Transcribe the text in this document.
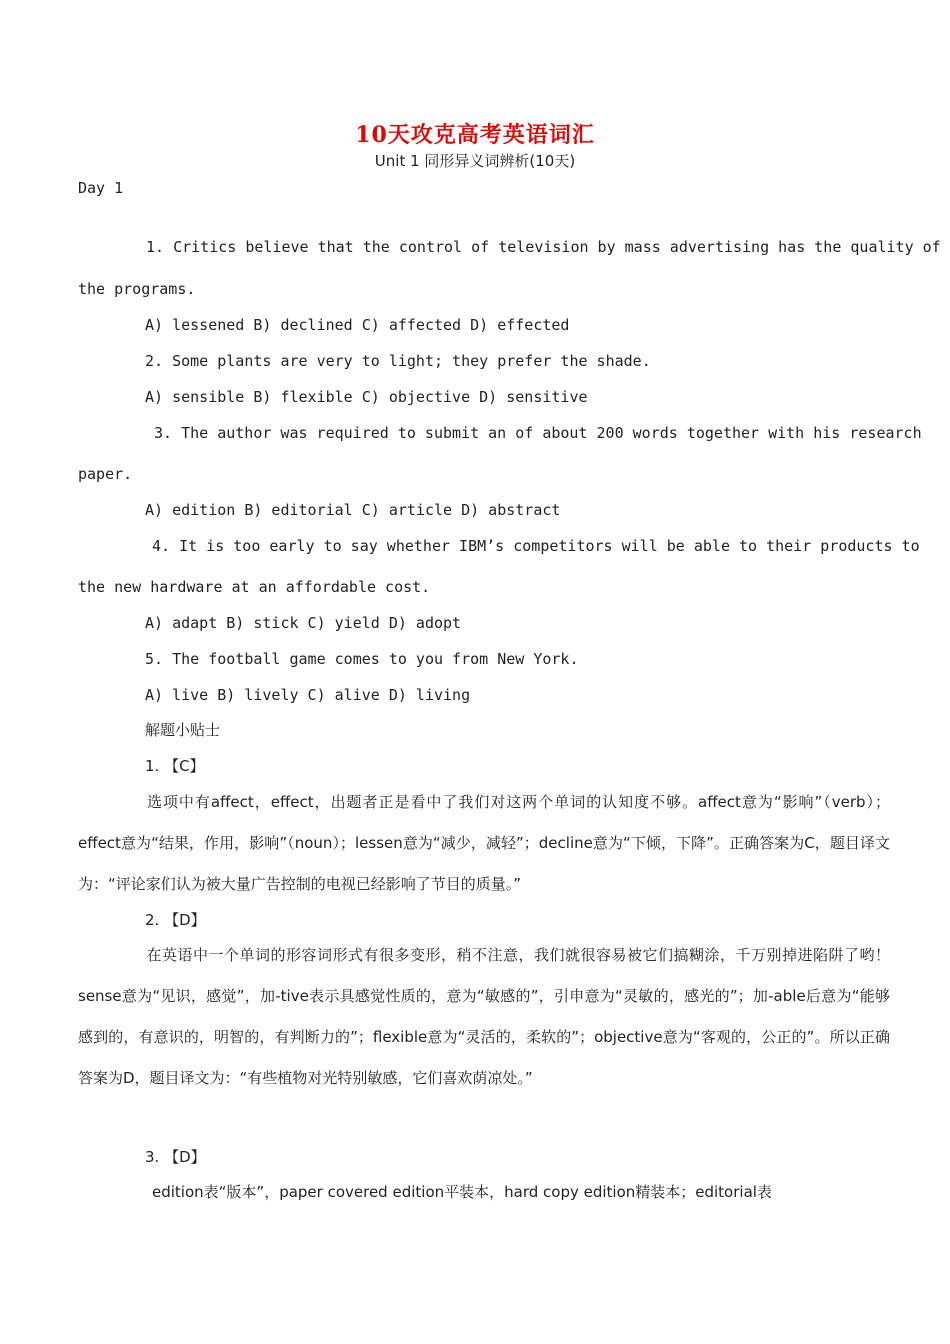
10天攻克高考英语词汇
Unit 1 同形异义词辨析(10天)
Day 1
1. Critics believe that the control of television by mass advertising has the quality of
the programs.
A) lessened B) declined C) affected D) effected
2. Some plants are very to light; they prefer the shade.
A) sensible B) flexible C) objective D) sensitive
3. The author was required to submit an of about 200 words together with his research
paper.
A) edition B) editorial C) article D) abstract
4. It is too early to say whether IBM’s competitors will be able to their products to
the new hardware at an affordable cost.
A) adapt B) stick C) yield D) adopt
5. The football game comes to you from New York.
A) live B) lively C) alive D) living
解题小贴士
1. 【C】
选项中有affect，effect，出题者正是看中了我们对这两个单词的认知度不够。affect意为“影响”（verb）；effect意为“结果，作用，影响”（noun）；lessen意为“减少，减轻”；decline意为“下倾，下降”。正确答案为C，题目译文为：“评论家们认为被大量广告控制的电视已经影响了节目的质量。”
2. 【D】
在英语中一个单词的形容词形式有很多变形，稍不注意，我们就很容易被它们搞糊涂，千万别掉进陷阱了哟！sense意为“见识，感觉”，加-tive表示具感觉性质的，意为“敏感的”，引申意为“灵敏的，感光的”；加-able后意为“能够感到的，有意识的，明智的，有判断力的”；flexible意为“灵活的，柔软的”；objective意为“客观的，公正的”。所以正确答案为D，题目译文为：“有些植物对光特别敏感，它们喜欢荫凉处。”
3. 【D】
edition表“版本”，paper covered edition平装本，hard copy edition精装本；editorial表
